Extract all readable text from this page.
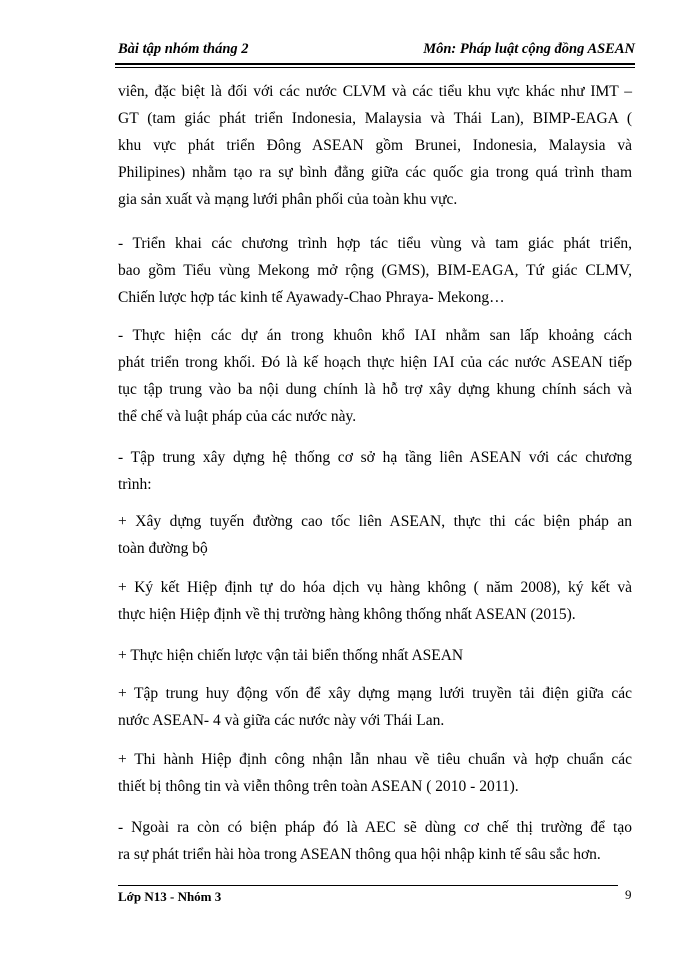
Bài tập nhóm tháng 2	Môn: Pháp luật cộng đồng ASEAN
viên, đặc biệt là đối với các nước CLVM và các tiểu khu vực khác như IMT –
GT (tam giác phát triển Indonesia, Malaysia và Thái Lan), BIMP-EAGA (
khu vực phát triển Đông ASEAN gồm Brunei, Indonesia, Malaysia và
Philipines) nhằm tạo ra sự bình đẳng giữa các quốc gia trong quá trình tham
gia sản xuất và mạng lưới phân phối của toàn khu vực.
- Triển khai các chương trình hợp tác tiểu vùng và tam giác phát triển,
bao gồm Tiểu vùng Mekong mở rộng (GMS), BIM-EAGA, Tứ giác CLMV,
Chiến lược hợp tác kinh tế Ayawady-Chao Phraya- Mekong…
- Thực hiện các dự án trong khuôn khổ IAI nhằm san lấp khoảng cách
phát triển trong khối. Đó là kế hoạch thực hiện IAI của các nước ASEAN tiếp
tục tập trung vào ba nội dung chính là hỗ trợ xây dựng khung chính sách và
thể chế và luật pháp của các nước này.
- Tập trung xây dựng hệ thống cơ sở hạ tầng liên ASEAN với các chương
trình:
+ Xây dựng tuyến đường cao tốc liên ASEAN, thực thi các biện pháp an
toàn đường bộ
+ Ký kết Hiệp định tự do hóa dịch vụ hàng không ( năm 2008), ký kết và
thực hiện Hiệp định về thị trường hàng không thống nhất ASEAN (2015).
+ Thực hiện chiến lược vận tải biển thống nhất ASEAN
+ Tập trung huy động vốn để xây dựng mạng lưới truyền tải điện giữa các
nước ASEAN- 4 và giữa các nước này với Thái Lan.
+ Thi hành Hiệp định công nhận lẫn nhau về tiêu chuẩn và hợp chuẩn các
thiết bị thông tin và viễn thông trên toàn ASEAN ( 2010 - 2011).
- Ngoài ra còn có biện pháp đó là AEC sẽ dùng cơ chế thị trường để tạo
ra sự phát triển hài hòa trong ASEAN thông qua hội nhập kinh tế sâu sắc hơn.
Lớp N13 - Nhóm 3	9
